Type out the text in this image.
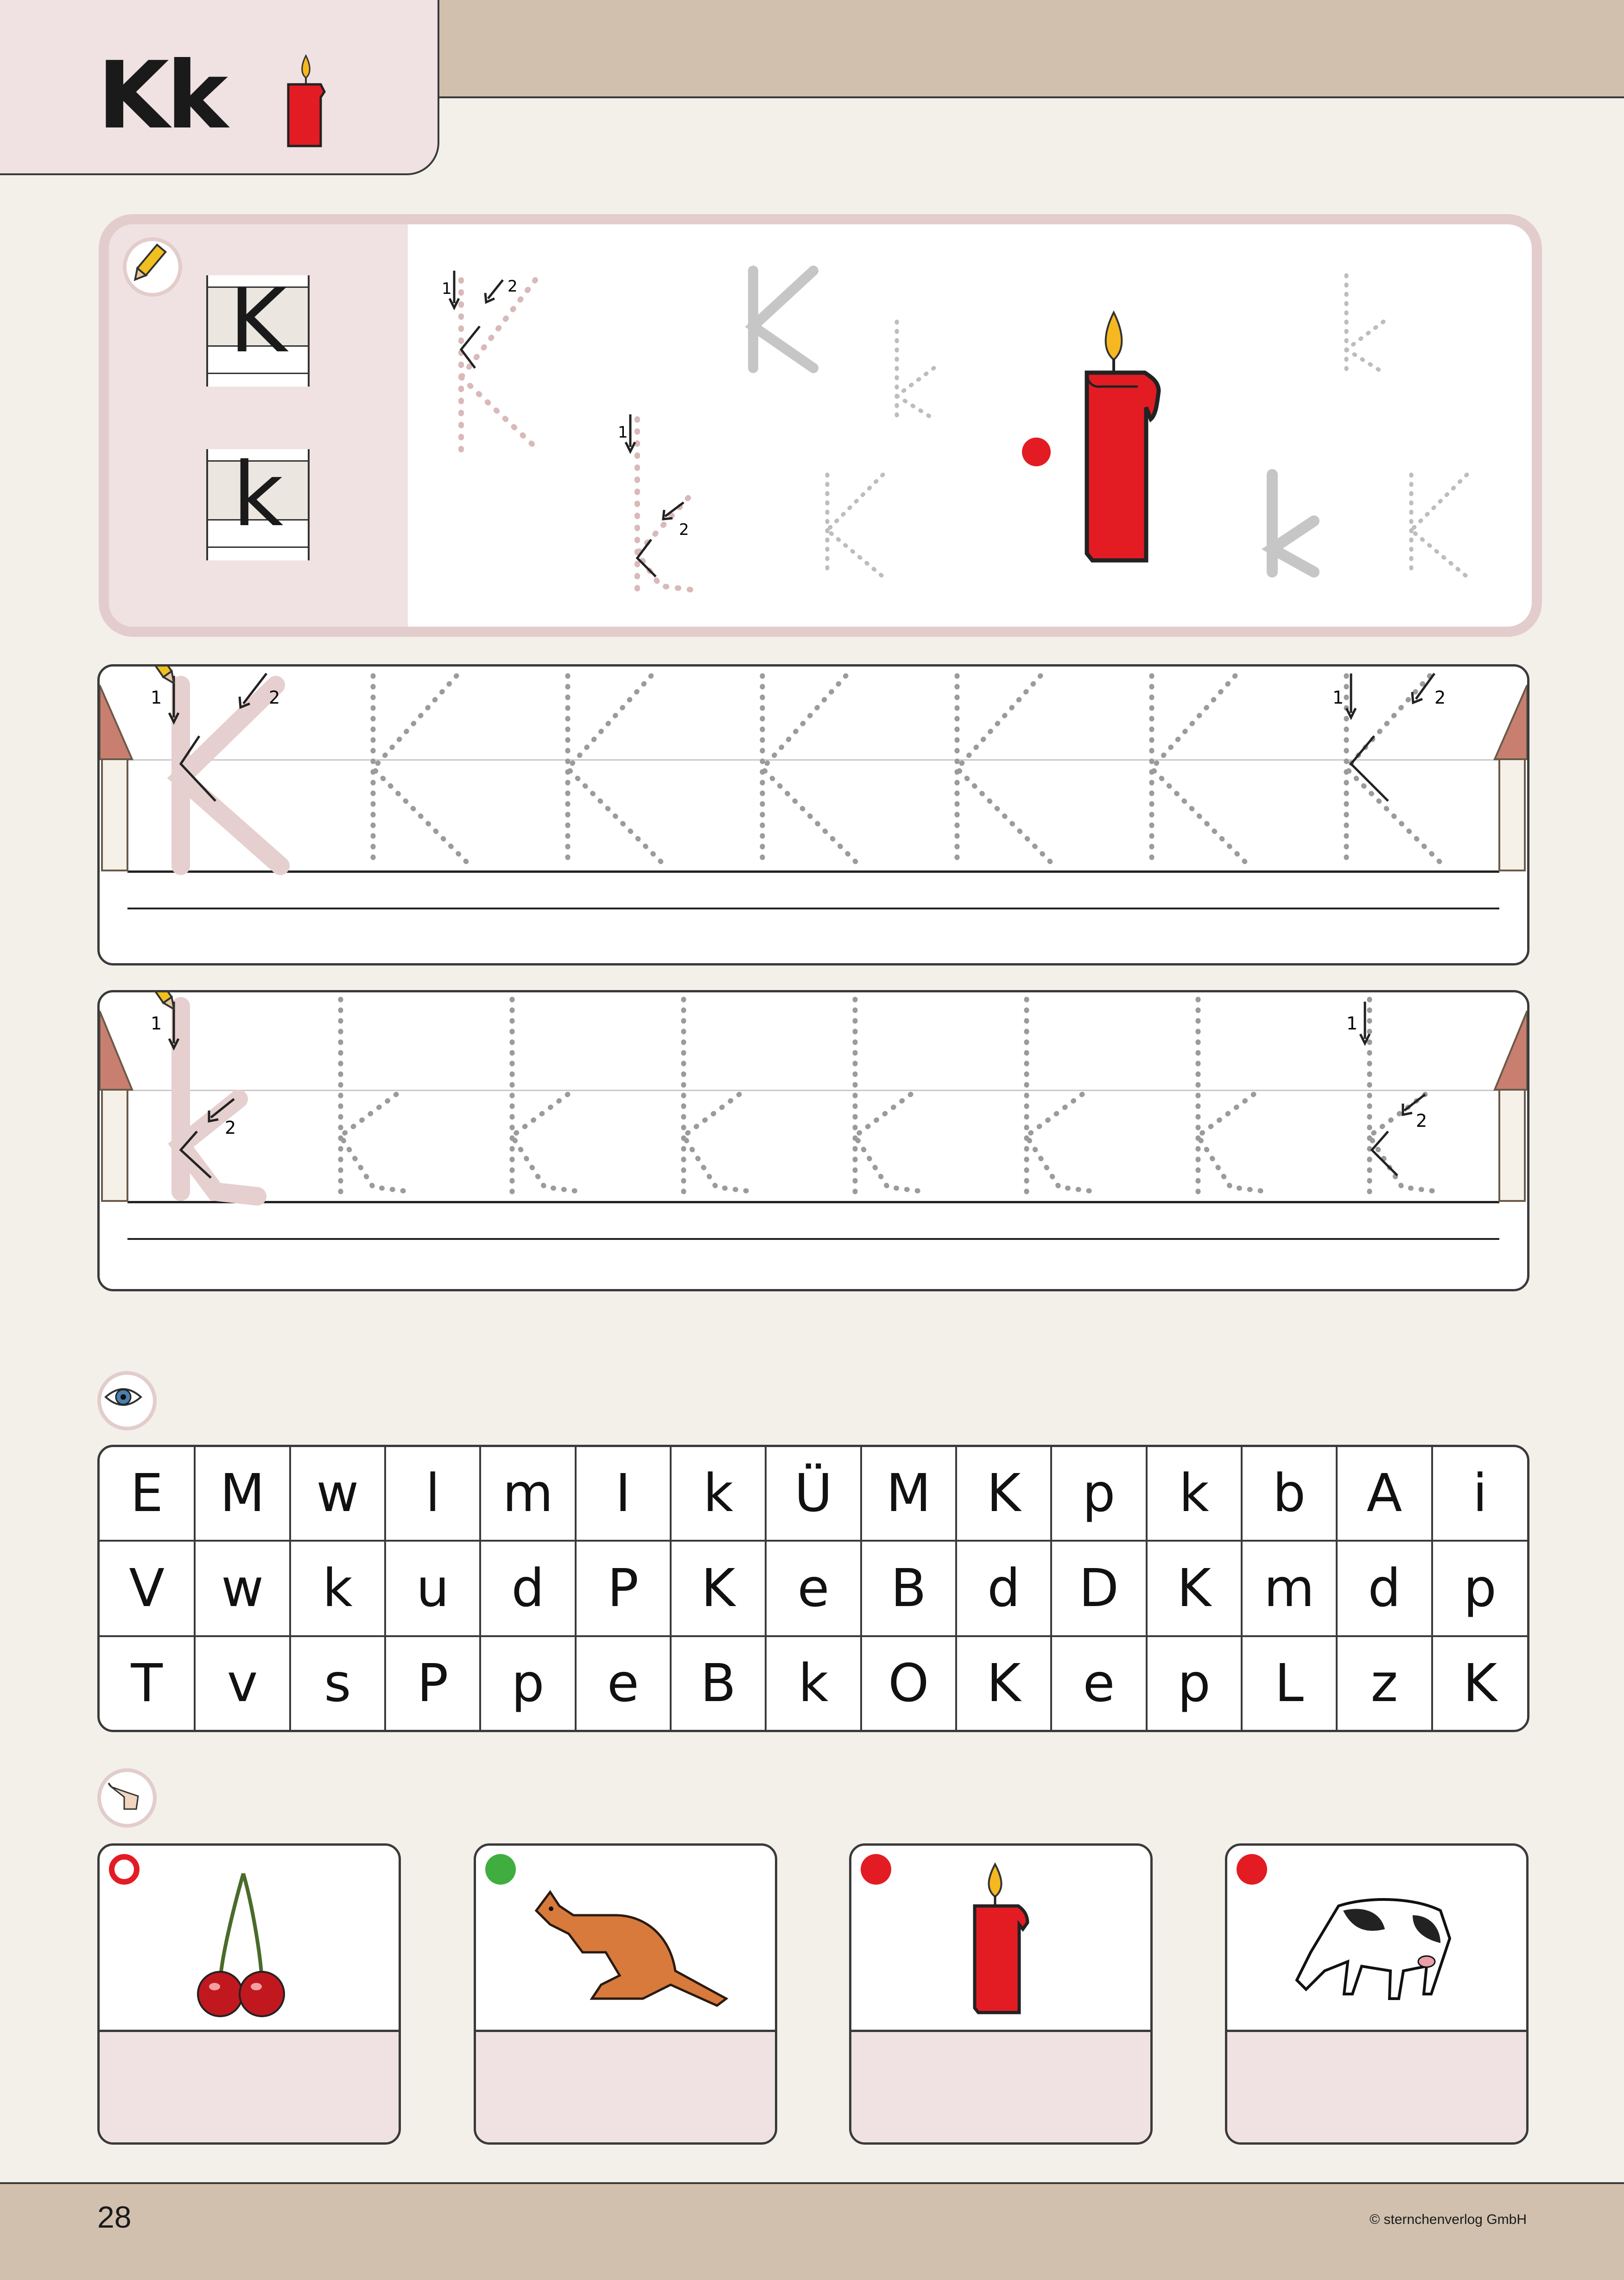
Kk
K
k
1	2
1
2
1	2	1	2
1
2
1
2
E	M	w	l	m	I	k	Ü	M	K	p	k	b	A	i
V	w	k	u	d	P	K	e	B	d	D	K	m	d	p
T	v	s	P	p	e	B	k	O	K	e	p	L	z	K
28	© sternchenverlog GmbH
